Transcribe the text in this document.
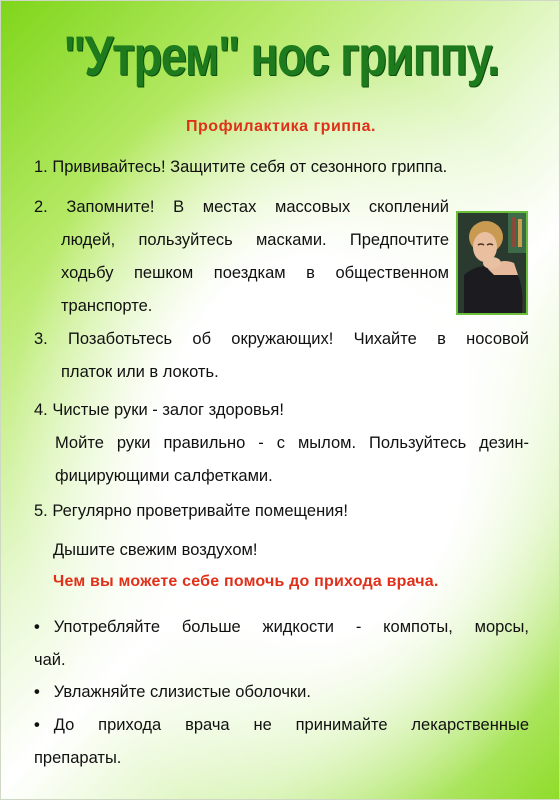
"Утрем" нос гриппу.
Профилактика гриппа.
1. Прививайтесь! Защитите себя от сезонного гриппа.
2. Запомните! В местах массовых скоплений
людей, пользуйтесь масками. Предпочтите
ходьбу пешком поездкам в общественном
транспорте.
3. Позаботьтесь об окружающих! Чихайте в носовой
платок или в локоть.
4. Чистые руки - залог здоровья!
Мойте руки правильно - с мылом. Пользуйтесь дезин-
фицирующими салфетками.
5. Регулярно проветривайте помещения!
Дышите свежим воздухом!
Чем вы можете себе помочь до прихода врача.
• Употребляйте больше жидкости - компоты, морсы,
чай.
• Увлажняйте слизистые оболочки.
• До прихода врача не принимайте лекарственные
препараты.
